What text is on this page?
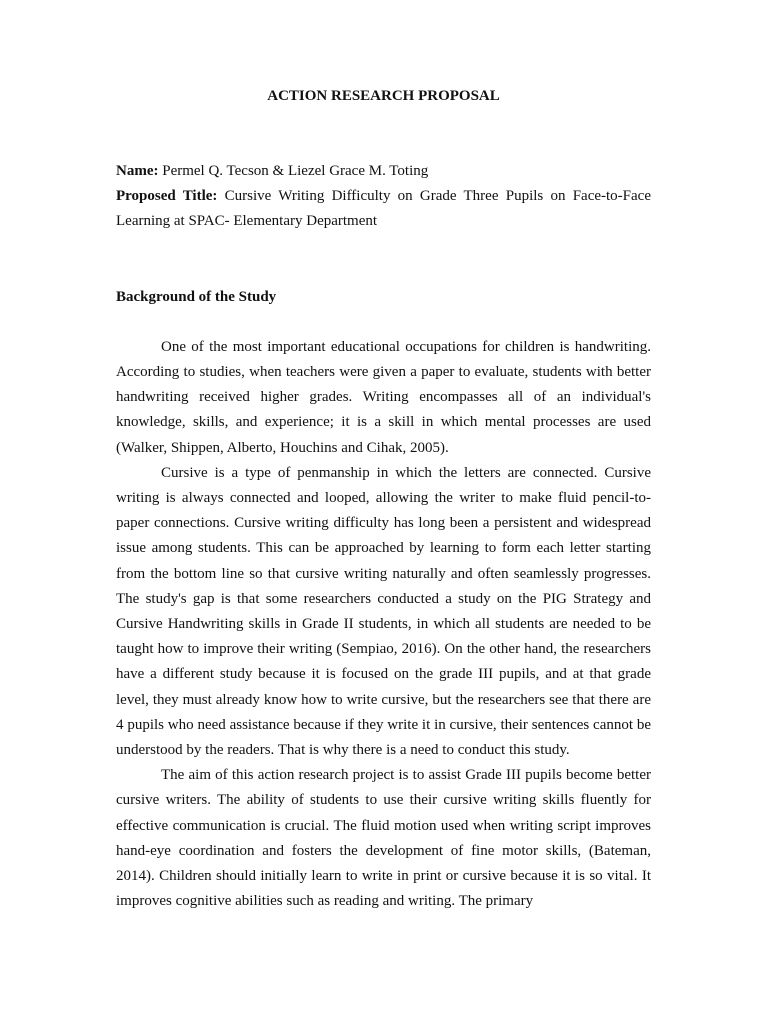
ACTION RESEARCH PROPOSAL

Name: Permel Q. Tecson & Liezel Grace M. Toting

Proposed Title: Cursive Writing Difficulty on Grade Three Pupils on Face-to-Face Learning at SPAC- Elementary Department

Background of the Study

One of the most important educational occupations for children is handwriting. According to studies, when teachers were given a paper to evaluate, students with better handwriting received higher grades. Writing encompasses all of an individual's knowledge, skills, and experience; it is a skill in which mental processes are used (Walker, Shippen, Alberto, Houchins and Cihak, 2005).

Cursive is a type of penmanship in which the letters are connected. Cursive writing is always connected and looped, allowing the writer to make fluid pencil-to-paper connections. Cursive writing difficulty has long been a persistent and widespread issue among students. This can be approached by learning to form each letter starting from the bottom line so that cursive writing naturally and often seamlessly progresses. The study's gap is that some researchers conducted a study on the PIG Strategy and Cursive Handwriting skills in Grade II students, in which all students are needed to be taught how to improve their writing (Sempiao, 2016). On the other hand, the researchers have a different study because it is focused on the grade III pupils, and at that grade level, they must already know how to write cursive, but the researchers see that there are 4 pupils who need assistance because if they write it in cursive, their sentences cannot be understood by the readers. That is why there is a need to conduct this study.

The aim of this action research project is to assist Grade III pupils become better cursive writers. The ability of students to use their cursive writing skills fluently for effective communication is crucial. The fluid motion used when writing script improves hand-eye coordination and fosters the development of fine motor skills, (Bateman, 2014). Children should initially learn to write in print or cursive because it is so vital. It improves cognitive abilities such as reading and writing. The primary
